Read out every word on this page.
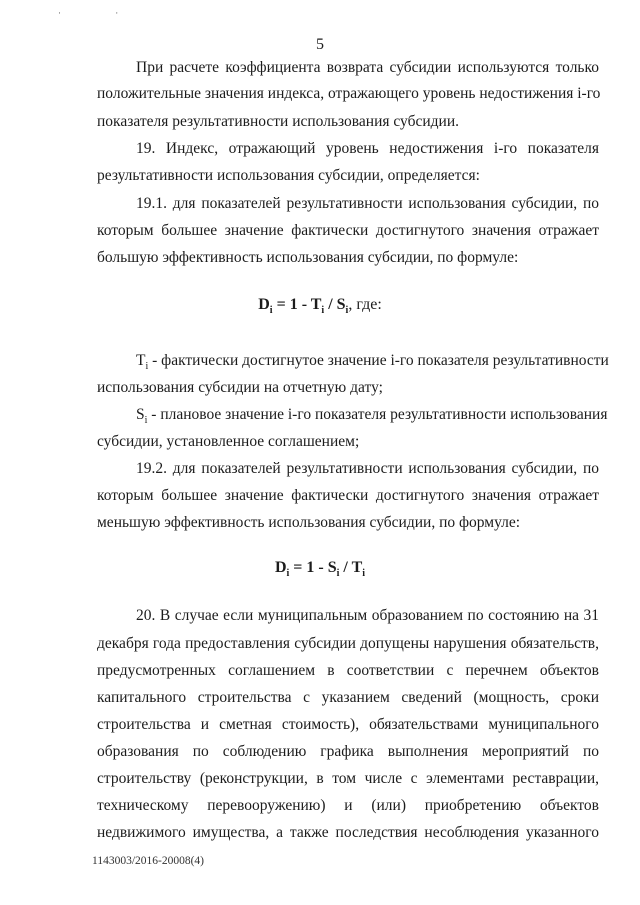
· ·
5
При расчете коэффициента возврата субсидии используются только
положительные значения индекса, отражающего уровень недостижения i-го
показателя результативности использования субсидии.
19. Индекс, отражающий уровень недостижения i-го показателя
результативности использования субсидии, определяется:
19.1. для показателей результативности использования субсидии, по
которым большее значение фактически достигнутого значения отражает
большую эффективность использования субсидии, по формуле:
$D_i = 1 - T_i / S_i$, где:
$T_i$ - фактически достигнутое значение i-го показателя результативности
использования субсидии на отчетную дату;
$S_i$ - плановое значение i-го показателя результативности использования
субсидии, установленное соглашением;
19.2. для показателей результативности использования субсидии, по
которым большее значение фактически достигнутого значения отражает
меньшую эффективность использования субсидии, по формуле:
$D_i = 1 - S_i / T_i$
20. В случае если муниципальным образованием по состоянию на 31
декабря года предоставления субсидии допущены нарушения обязательств,
предусмотренных соглашением в соответствии с перечнем объектов
капитального строительства с указанием сведений (мощность, сроки
строительства и сметная стоимость), обязательствами муниципального
образования по соблюдению графика выполнения мероприятий по
строительству (реконструкции, в том числе с элементами реставрации,
техническому перевооружению) и (или) приобретению объектов
недвижимого имущества, а также последствия несоблюдения указанного
1143003/2016-20008(4)
